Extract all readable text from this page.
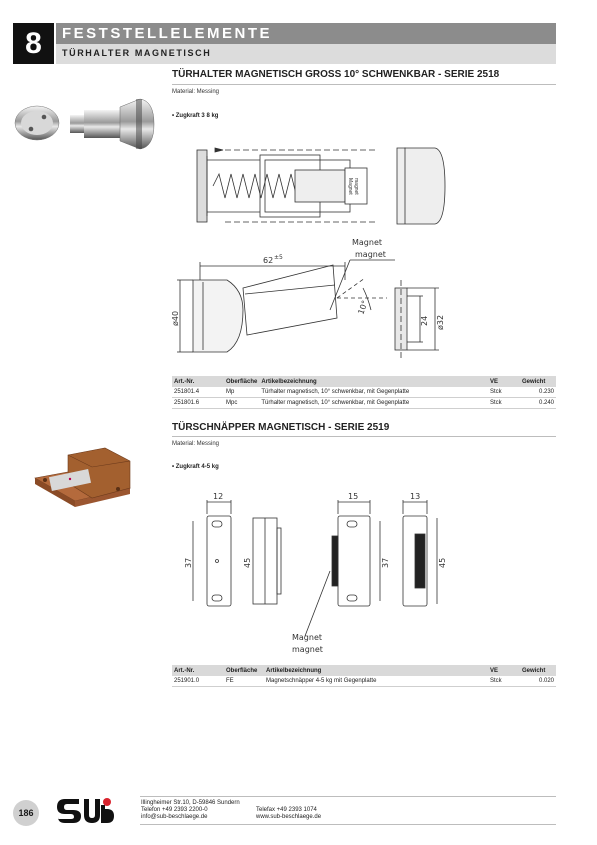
8	FESTSTELLELEMENTE
TÜRHALTER MAGNETISCH
TÜRHALTER MAGNETISCH GROSS 10° SCHWENKBAR - SERIE 2518
Material: Messing
• Zugkraft 3 8 kg
Magnet
magnet
62 ±5
ø40
10°
24 ø32
Magnet magnet
Art.-Nr.	Oberfläche	Artikelbezeichnung	VE	Gewicht
251801.4	Mp	Türhalter magnetisch, 10° schwenkbar, mit Gegenplatte	Stck	0.230
251801.6	Mpc	Türhalter magnetisch, 10° schwenkbar, mit Gegenplatte	Stck	0.240
TÜRSCHNÄPPER MAGNETISCH - SERIE 2519
Material: Messing
• Zugkraft 4-5 kg
12
37	45
15
37
13
45
Magnet
magnet
Art.-Nr.	Oberfläche	Artikelbezeichnung	VE	Gewicht
251901.0	FE	Magnetschnäpper 4-5 kg mit Gegenplatte	Stck	0.020
186
Illingheimer Str.10, D-59846 Sundern
Telefon +49 2393 2200-0
info@sub-beschlaege.de
Telefax +49 2393 1074
www.sub-beschlaege.de
